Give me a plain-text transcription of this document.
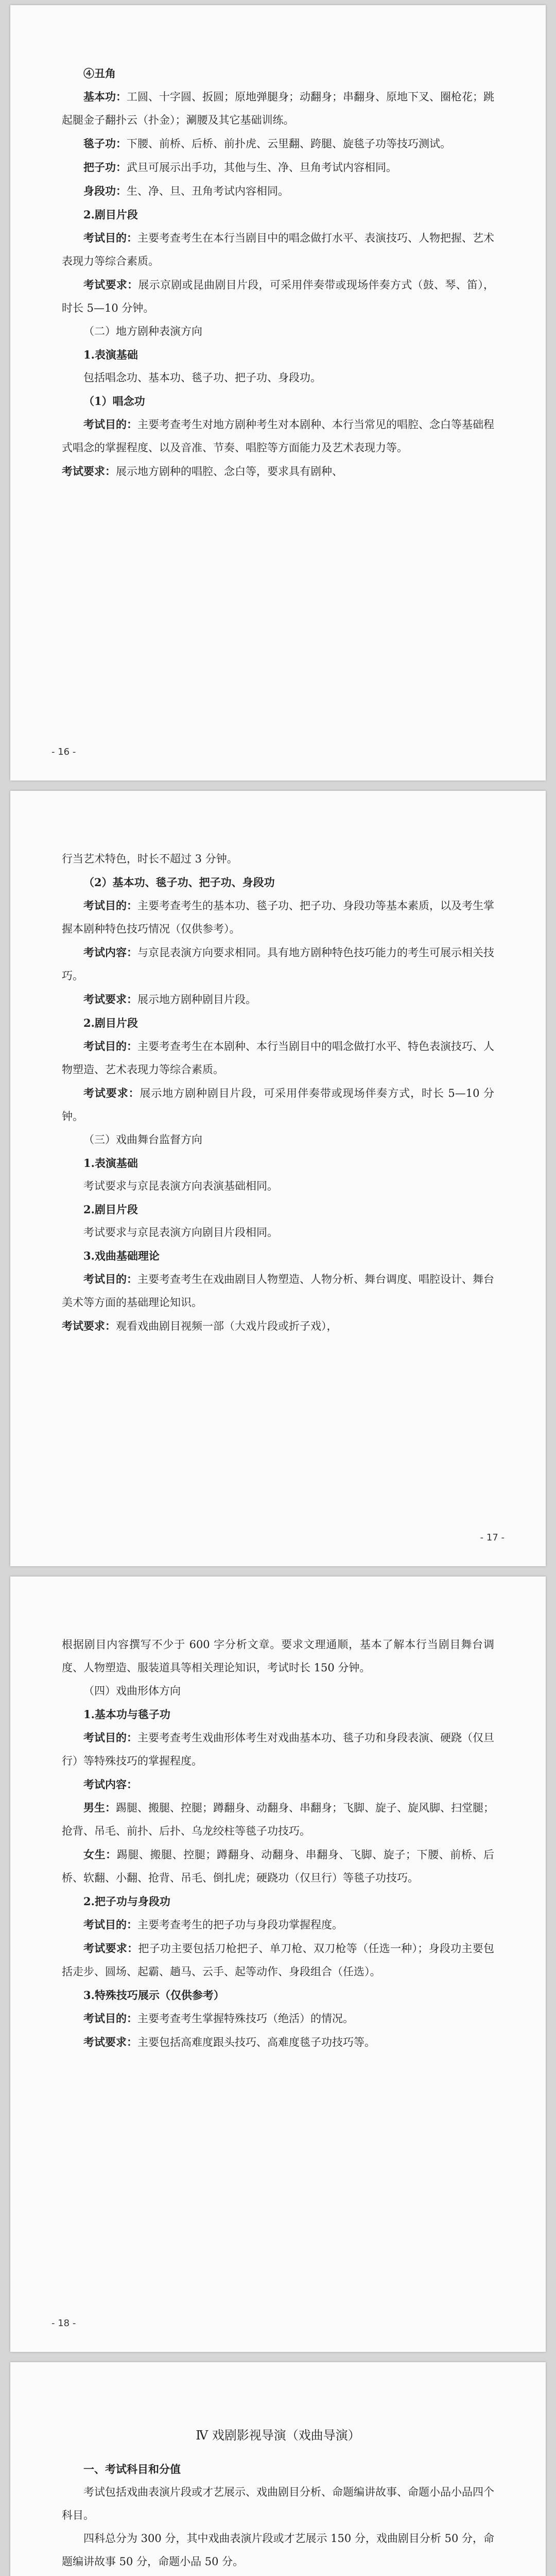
④丑角

基本功：工圆、十字圆、扳圆；原地弹腿身；动翻身；串翻身、原地下叉、圈枪花；跳起腿金子翻扑云（扑金）；涮腰及其它基础训练。

毯子功：下腰、前桥、后桥、前扑虎、云里翻、跨腿、旋毯子功等技巧测试。

把子功：武旦可展示出手功，其他与生、净、旦角考试内容相同。

身段功：生、净、旦、丑角考试内容相同。

2.剧目片段

考试目的：主要考查考生在本行当剧目中的唱念做打水平、表演技巧、人物把握、艺术表现力等综合素质。

考试要求：展示京剧或昆曲剧目片段，可采用伴奏带或现场伴奏方式（鼓、琴、笛），时长 5—10 分钟。

（二）地方剧种表演方向

1.表演基础

包括唱念功、基本功、毯子功、把子功、身段功。

（1）唱念功

考试目的：主要考查考生对地方剧种考生对本剧种、本行当常见的唱腔、念白等基础程式唱念的掌握程度、以及音准、节奏、唱腔等方面能力及艺术表现力等。

考试要求：展示地方剧种的唱腔、念白等，要求具有剧种、

- 16 -

行当艺术特色，时长不超过 3 分钟。

（2）基本功、毯子功、把子功、身段功

考试目的：主要考查考生的基本功、毯子功、把子功、身段功等基本素质，以及考生掌握本剧种特色技巧情况（仅供参考）。

考试内容：与京昆表演方向要求相同。具有地方剧种特色技巧能力的考生可展示相关技巧。

考试要求：展示地方剧种剧目片段。

2.剧目片段

考试目的：主要考查考生在本剧种、本行当剧目中的唱念做打水平、特色表演技巧、人物塑造、艺术表现力等综合素质。

考试要求：展示地方剧种剧目片段，可采用伴奏带或现场伴奏方式，时长 5—10 分钟。

（三）戏曲舞台监督方向

1.表演基础

考试要求与京昆表演方向表演基础相同。

2.剧目片段

考试要求与京昆表演方向剧目片段相同。

3.戏曲基础理论

考试目的：主要考查考生在戏曲剧目人物塑造、人物分析、舞台调度、唱腔设计、舞台美术等方面的基础理论知识。

考试要求：观看戏曲剧目视频一部（大戏片段或折子戏），

- 17 -

根据剧目内容撰写不少于 600 字分析文章。要求文理通顺，基本了解本行当剧目舞台调度、人物塑造、服装道具等相关理论知识，考试时长 150 分钟。

（四）戏曲形体方向

1.基本功与毯子功

考试目的：主要考查考生戏曲形体考生对戏曲基本功、毯子功和身段表演、硬跷（仅旦行）等特殊技巧的掌握程度。

考试内容：

男生：踢腿、搬腿、控腿；蹲翻身、动翻身、串翻身；飞脚、旋子、旋风脚、扫堂腿；抢背、吊毛、前扑、后扑、乌龙绞柱等毯子功技巧。

女生：踢腿、搬腿、控腿；蹲翻身、动翻身、串翻身、飞脚、旋子；下腰、前桥、后桥、软翻、小翻、抢背、吊毛、倒扎虎；硬跷功（仅旦行）等毯子功技巧。

2.把子功与身段功

考试目的：主要考查考生的把子功与身段功掌握程度。

考试要求：把子功主要包括刀枪把子、单刀枪、双刀枪等（任选一种）；身段功主要包括走步、圆场、起霸、趟马、云手、起等动作、身段组合（任选）。

3.特殊技巧展示（仅供参考）

考试目的：主要考查考生掌握特殊技巧（绝活）的情况。

考试要求：主要包括高难度跟头技巧、高难度毯子功技巧等。

- 18 -
Ⅳ 戏剧影视导演（戏曲导演）

一、考试科目和分值

考试包括戏曲表演片段或才艺展示、戏曲剧目分析、命题编讲故事、命题小品小品四个科目。

四科总分为 300 分，其中戏曲表演片段或才艺展示 150 分，戏曲剧目分析 50 分，命题编讲故事 50 分，命题小品 50 分。
